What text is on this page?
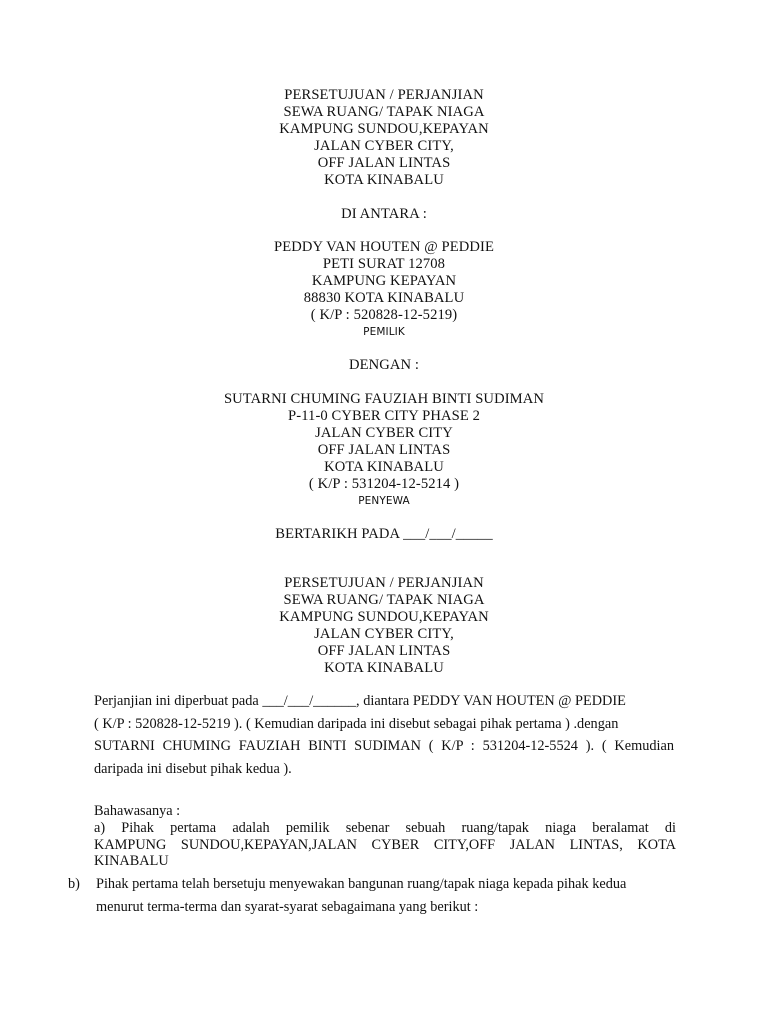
PERSETUJUAN / PERJANJIAN
SEWA RUANG/ TAPAK NIAGA
KAMPUNG SUNDOU,KEPAYAN
JALAN CYBER CITY,
OFF JALAN LINTAS
KOTA KINABALU
DI ANTARA :
PEDDY VAN HOUTEN @ PEDDIE
PETI SURAT 12708
KAMPUNG KEPAYAN
88830 KOTA KINABALU
( K/P : 520828-12-5219)
PEMILIK
DENGAN :
SUTARNI CHUMING FAUZIAH BINTI SUDIMAN
P-11-0 CYBER CITY PHASE 2
JALAN CYBER CITY
OFF JALAN LINTAS
KOTA KINABALU
( K/P : 531204-12-5214 )
PENYEWA
BERTARIKH PADA ___/___/_____
PERSETUJUAN / PERJANJIAN
SEWA RUANG/ TAPAK NIAGA
KAMPUNG SUNDOU,KEPAYAN
JALAN CYBER CITY,
OFF JALAN LINTAS
KOTA KINABALU
Perjanjian ini diperbuat pada ___/___/______, diantara PEDDY VAN HOUTEN @ PEDDIE
( K/P : 520828-12-5219 ). ( Kemudian daripada ini disebut sebagai pihak pertama ) .dengan
SUTARNI CHUMING FAUZIAH BINTI SUDIMAN ( K/P : 531204-12-5524 ). ( Kemudian
daripada ini disebut pihak kedua ).
Bahawasanya :
a) Pihak pertama adalah pemilik sebenar sebuah ruang/tapak niaga beralamat di
KAMPUNG SUNDOU,KEPAYAN,JALAN CYBER CITY,OFF JALAN LINTAS, KOTA
KINABALU
b)	Pihak pertama telah bersetuju menyewakan bangunan ruang/tapak niaga kepada pihak kedua
menurut terma-terma dan syarat-syarat sebagaimana yang berikut :
